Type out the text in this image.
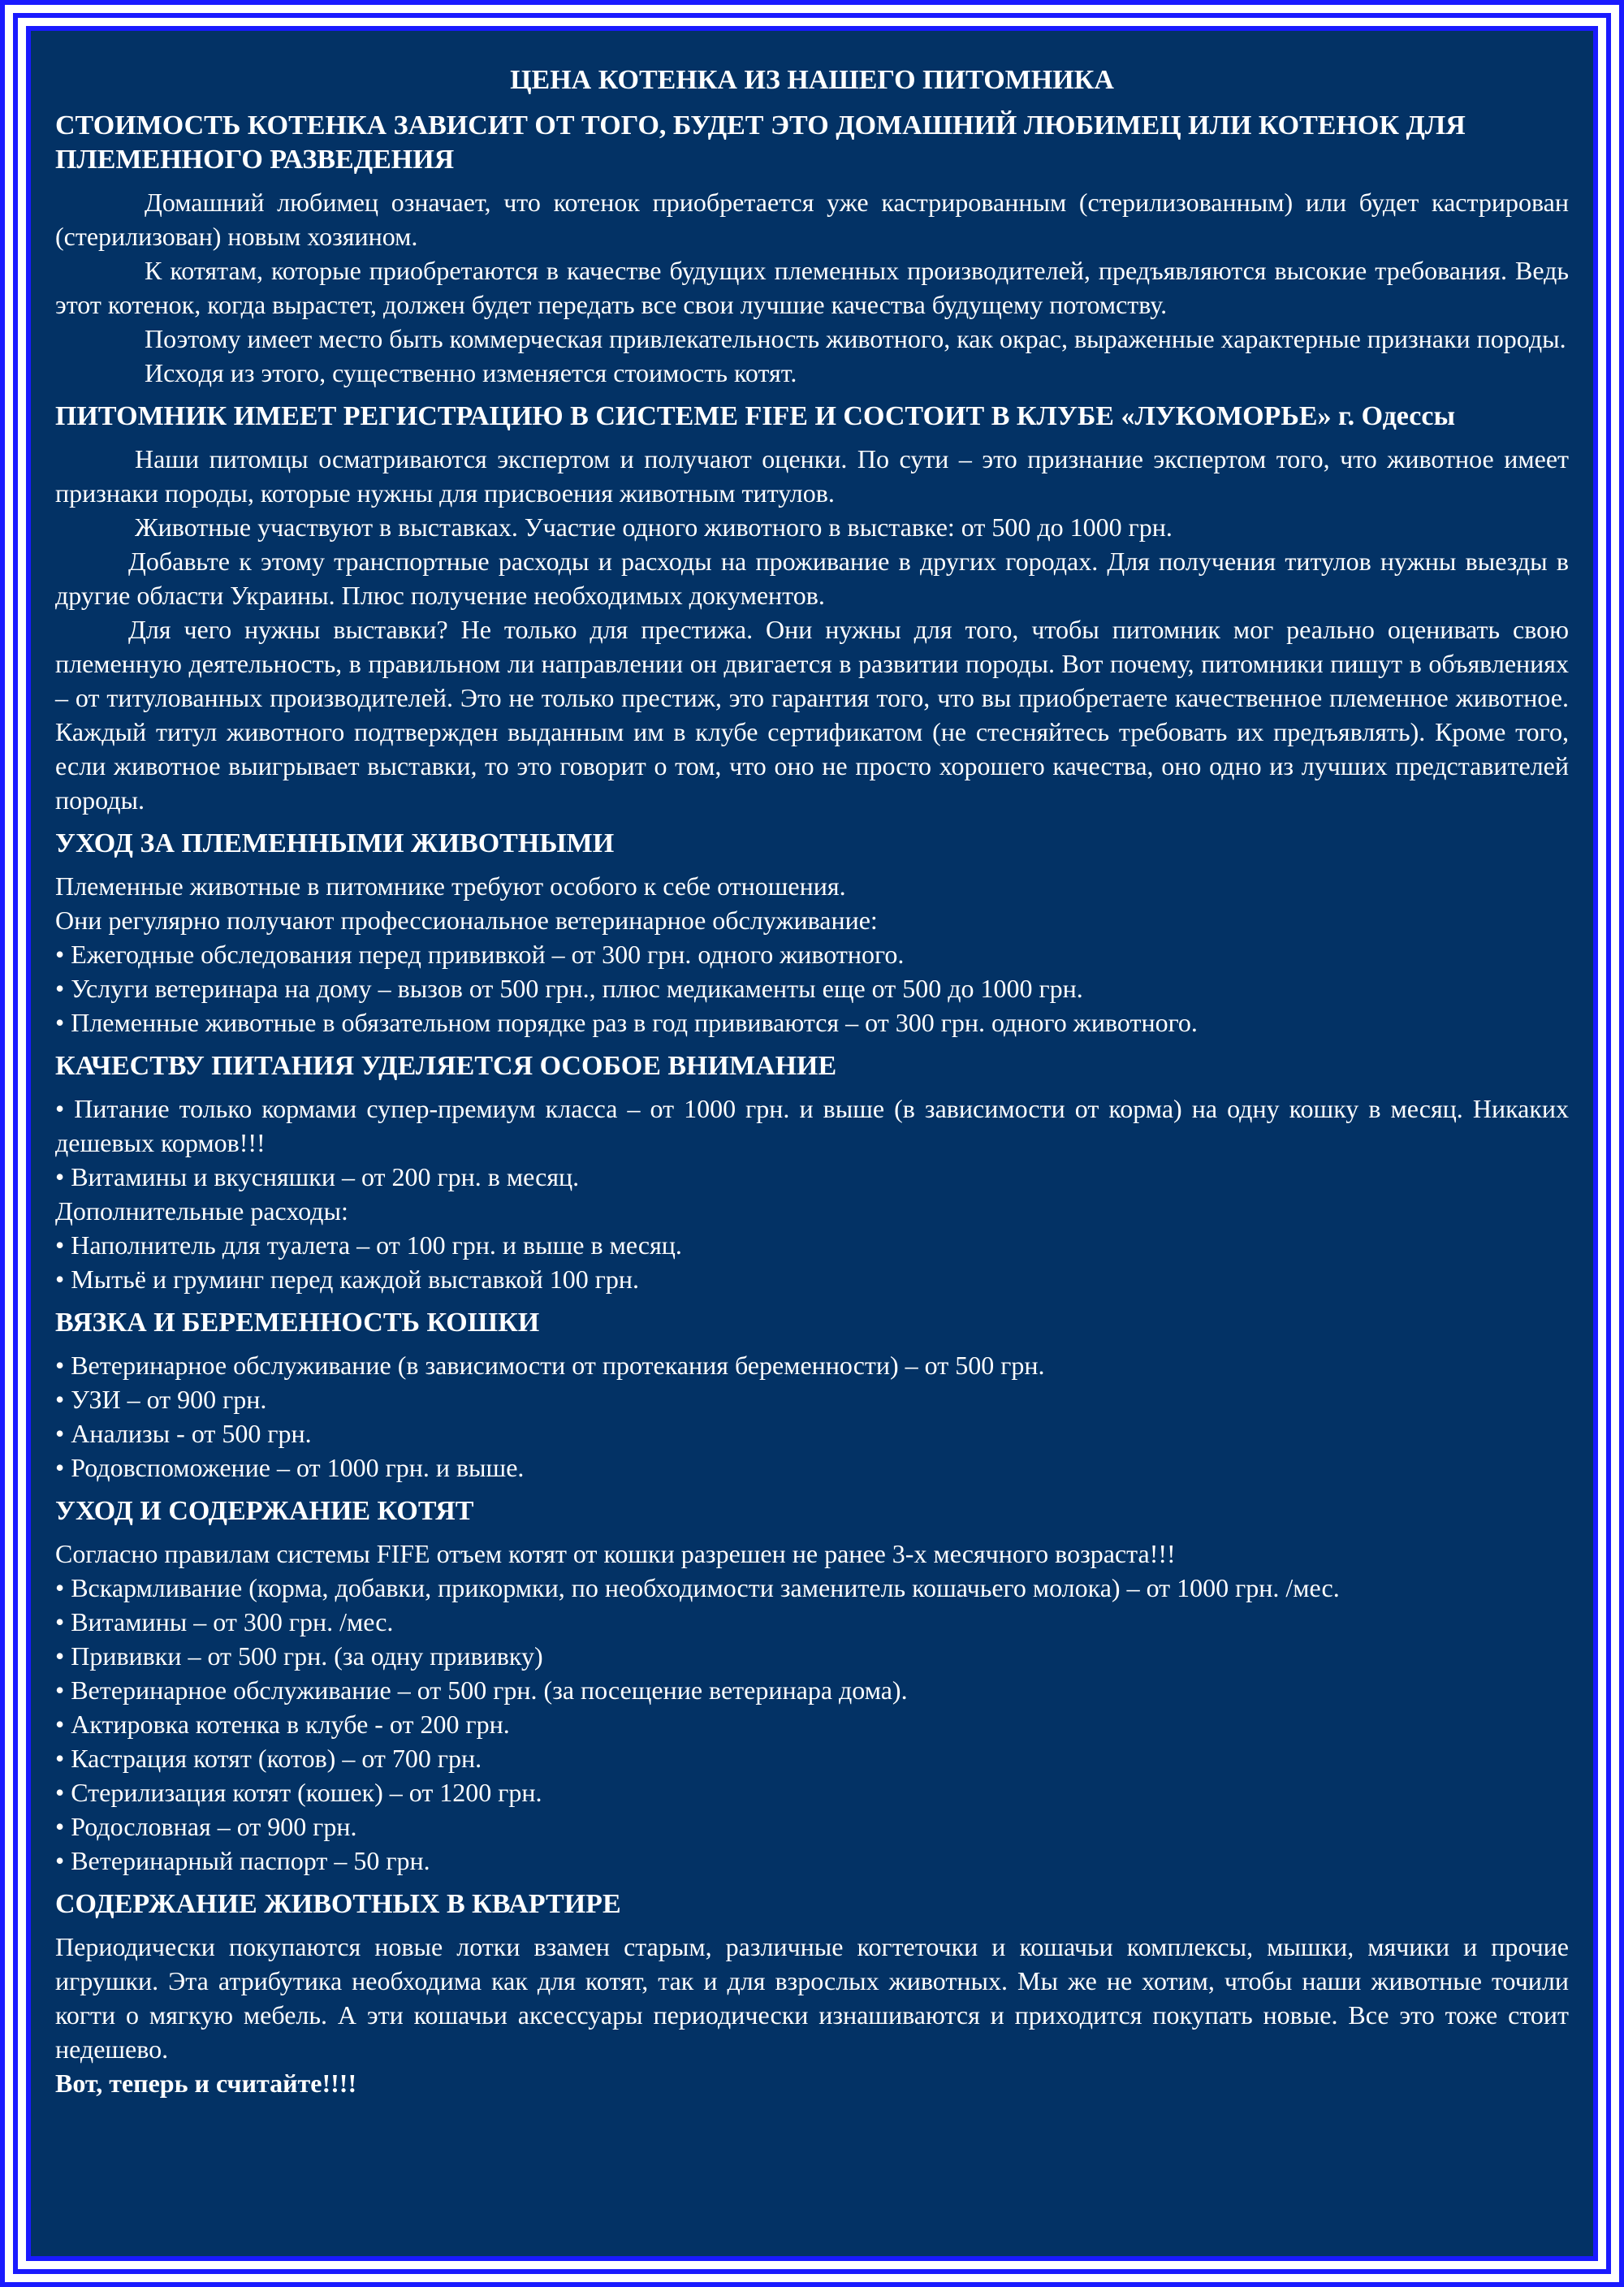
ЦЕНА КОТЕНКА ИЗ НАШЕГО ПИТОМНИКА
СТОИМОСТЬ КОТЕНКА ЗАВИСИТ ОТ ТОГО, БУДЕТ ЭТО ДОМАШНИЙ ЛЮБИМЕЦ ИЛИ КОТЕНОК ДЛЯ ПЛЕМЕННОГО РАЗВЕДЕНИЯ

Домашний любимец означает, что котенок приобретается уже кастрированным (стерилизованным) или будет кастрирован (стерилизован) новым хозяином.

К котятам, которые приобретаются в качестве будущих племенных производителей, предъявляются высокие требования. Ведь этот котенок, когда вырастет, должен будет передать все свои лучшие качества будущему потомству.

Поэтому имеет место быть коммерческая привлекательность животного, как окрас, выраженные характерные признаки породы.

Исходя из этого, существенно изменяется стоимость котят.

ПИТОМНИК ИМЕЕТ РЕГИСТРАЦИЮ В СИСТЕМЕ FIFE И СОСТОИТ В КЛУБЕ «ЛУКОМОРЬЕ» г. Одессы

Наши питомцы осматриваются экспертом и получают оценки. По сути – это признание экспертом того, что животное имеет признаки породы, которые нужны для присвоения животным титулов.

Животные участвуют в выставках. Участие одного животного в выставке: от 500 до 1000 грн.

Добавьте к этому транспортные расходы и расходы на проживание в других городах. Для получения титулов нужны выезды в другие области Украины. Плюс получение необходимых документов.

Для чего нужны выставки? Не только для престижа. Они нужны для того, чтобы питомник мог реально оценивать свою племенную деятельность, в правильном ли направлении он двигается в развитии породы. Вот почему, питомники пишут в объявлениях – от титулованных производителей. Это не только престиж, это гарантия того, что вы приобретаете качественное племенное животное. Каждый титул животного подтвержден выданным им в клубе сертификатом (не стесняйтесь требовать их предъявлять). Кроме того, если животное выигрывает выставки, то это говорит о том, что оно не просто хорошего качества, оно одно из лучших представителей породы.

УХОД ЗА ПЛЕМЕННЫМИ ЖИВОТНЫМИ

Племенные животные в питомнике требуют особого к себе отношения.

Они регулярно получают профессиональное ветеринарное обслуживание:

• Ежегодные обследования перед прививкой – от 300 грн. одного животного.

• Услуги ветеринара на дому – вызов от 500 грн., плюс медикаменты еще от 500 до 1000 грн.

• Племенные животные в обязательном порядке раз в год прививаются – от 300 грн. одного животного.

КАЧЕСТВУ ПИТАНИЯ УДЕЛЯЕТСЯ ОСОБОЕ ВНИМАНИЕ

• Питание только кормами супер-премиум класса – от 1000 грн. и выше (в зависимости от корма) на одну кошку в месяц. Никаких дешевых кормов!!!

• Витамины и вкусняшки – от 200 грн. в месяц.

Дополнительные расходы:

• Наполнитель для туалета – от 100 грн. и выше в месяц.

• Мытьё и груминг перед каждой выставкой 100 грн.

ВЯЗКА И БЕРЕМЕННОСТЬ КОШКИ

• Ветеринарное обслуживание (в зависимости от протекания беременности) – от 500 грн.

• УЗИ – от 900 грн.

• Анализы - от 500 грн.

• Родовспоможение – от 1000 грн. и выше.

УХОД И СОДЕРЖАНИЕ КОТЯТ

Согласно правилам системы FIFE отъем котят от кошки разрешен не ранее 3-х месячного возраста!!!

• Вскармливание (корма, добавки, прикормки, по необходимости заменитель кошачьего молока) – от 1000 грн. /мес.

• Витамины – от 300 грн. /мес.

• Прививки – от 500 грн. (за одну прививку)

• Ветеринарное обслуживание – от 500 грн. (за посещение ветеринара дома).

• Актировка котенка в клубе - от 200 грн.

• Кастрация котят (котов) – от 700 грн.

• Стерилизация котят (кошек) – от 1200 грн.

• Родословная – от 900 грн.

• Ветеринарный паспорт – 50 грн.

СОДЕРЖАНИЕ ЖИВОТНЫХ В КВАРТИРЕ

Периодически покупаются новые лотки взамен старым, различные когтеточки и кошачьи комплексы, мышки, мячики и прочие игрушки. Эта атрибутика необходима как для котят, так и для взрослых животных. Мы же не хотим, чтобы наши животные точили когти о мягкую мебель. А эти кошачьи аксессуары периодически изнашиваются и приходится покупать новые. Все это тоже стоит недешево.

Вот, теперь и считайте!!!!
